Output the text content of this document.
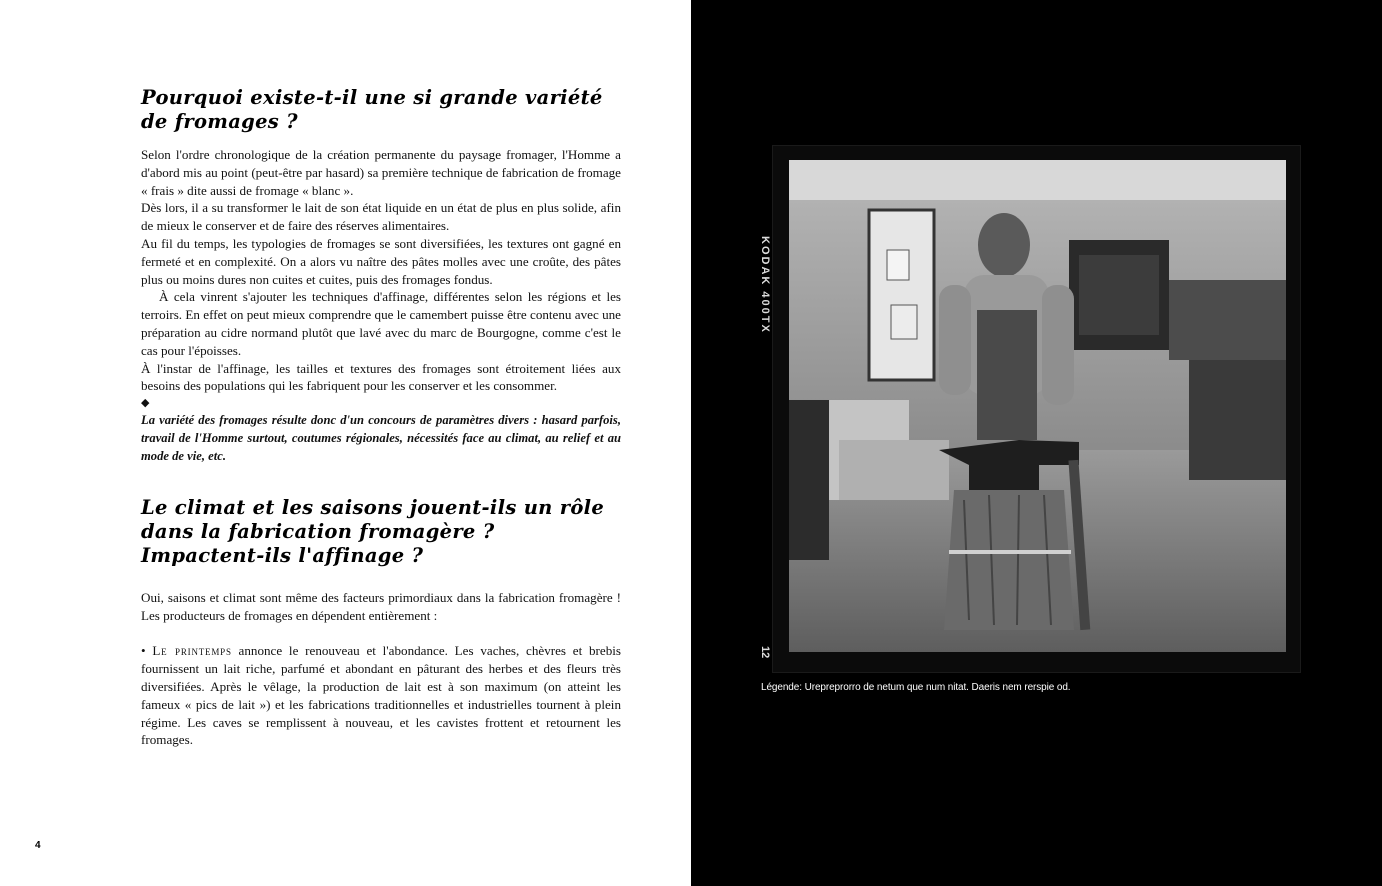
Pourquoi existe-t-il une si grande variété
de fromages ?

Selon l'ordre chronologique de la création permanente du paysage fromager, l'Homme a d'abord mis au point (peut-être par hasard) sa première technique de fabrication de fromage « frais » dite aussi de fromage « blanc ».

Dès lors, il a su transformer le lait de son état liquide en un état de plus en plus solide, afin de mieux le conserver et de faire des réserves alimentaires.

Au fil du temps, les typologies de fromages se sont diversifiées, les textures ont gagné en fermeté et en complexité. On a alors vu naître des pâtes molles avec une croûte, des pâtes plus ou moins dures non cuites et cuites, puis des fromages fondus.

À cela vinrent s'ajouter les techniques d'affinage, différentes selon les régions et les terroirs. En effet on peut mieux comprendre que le camembert puisse être contenu avec une préparation au cidre normand plutôt que lavé avec du marc de Bourgogne, comme c'est le cas pour l'époisses.

À l'instar de l'affinage, les tailles et textures des fromages sont étroitement liées aux besoins des populations qui les fabriquent pour les conserver et les consommer.

◆

La variété des fromages résulte donc d'un concours de paramètres divers : hasard parfois, travail de l'Homme surtout, coutumes régionales, nécessités face au climat, au relief et au mode de vie, etc.

Le climat et les saisons jouent-ils un rôle
dans la fabrication fromagère ?
Impactent-ils l'affinage ?

Oui, saisons et climat sont même des facteurs primordiaux dans la fabrication fromagère ! Les producteurs de fromages en dépendent entièrement :

• Le printemps annonce le renouveau et l'abondance. Les vaches, chèvres et brebis fournissent un lait riche, parfumé et abondant en pâturant des herbes et des fleurs très diversifiées. Après le vêlage, la production de lait est à son maximum (on atteint les fameux « pics de lait ») et les fabrications traditionnelles et industrielles tournent à plein régime. Les caves se remplissent à nouveau, et les cavistes frottent et retournent les fromages.

4
KODAK 400TX
12
Légende: Urepreprorro de netum que num nitat. Daeris nem rerspie od.
